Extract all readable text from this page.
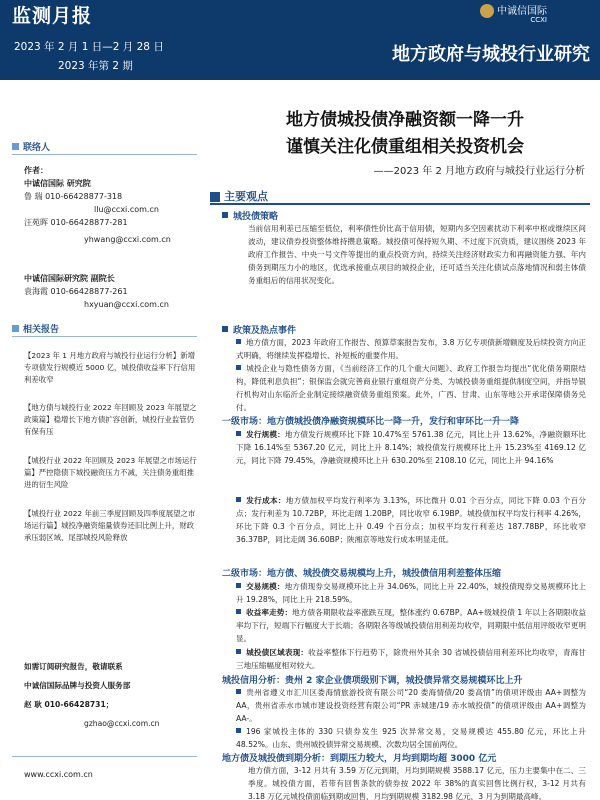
监测月报	中诚信国际
CCXI
2023 年 2 月 1 日—2 月 28 日
2023 年第 2 期
地方政府与城投行业研究
联络人
作者：
中诚信国际 研究院
鲁 瑞 010-66428877-318
llu@ccxi.com.cn
汪苑晖 010-66428877-281
yhwang@ccxi.com.cn
中诚信国际研究院 副院长
袁海霞 010-66428877-261
hxyuan@ccxi.com.cn
相关报告
【2023 年 1 月地方政府与城投行业运行分析】新增专项债发行规模近 5000 亿，城投债收益率下行信用利差收窄
【地方债与城投行业 2022 年回顾及 2023 年展望之政策篇】稳增长下地方债扩容创新，城投行业监管仍有保有压
【城投行业 2022 年回顾及 2023 年展望之市场运行篇】严控隐债下城投融资压力不减，关注债务重组推进的衍生风险
【城投行业 2022 年前三季度回顾及四季度展望之市场运行篇】城投净融资缩量债券还旧比例上升，财政承压弱区域、尾部城投风险释放
如需订阅研究报告，敬请联系
中诚信国际品牌与投资人服务部
赵 耿 010-66428731；
gzhao@ccxi.com.cn
www.ccxi.com.cn
地方债城投债净融资额一降一升
谨慎关注化债重组相关投资机会
——2023 年 2 月地方政府与城投行业运行分析
主要观点
城投债策略
当前信用利差已压缩至低位，利率债性价比高于信用债，短期内多空因素扰动下利率中枢或继续区间波动，建议债券投资整体维持攒息策略。城投债可保持短久期、不过度下沉资质，建议围绕 2023 年政府工作报告、中央一号文件等提出的重点投资方向，持续关注经济财政实力和再融资能力强、年内债务到期压力小的地区，优选承接重点项目的城投企业，还可适当关注化债试点落地情况和弱主体债务重组后的信用状况变化。
政策及热点事件
地方债方面，2023 年政府工作报告、预算草案报告发布，3.8 万亿专项债新增额度及后续投资方向正式明确，将继续发挥稳增长、补短板的重要作用。
城投企业与隐性债务方面，《当前经济工作的几个重大问题》、政府工作报告均提出“优化债务期限结构，降低利息负担”；银保监会就完善商业银行重组资产分类、为城投债务重组提供制度空间，并指导银行机构对山东临沂企业制定接续融资债务重组预案。此外，广西、甘肃、山东等地公开承诺保障债务兑付。
一级市场：地方债城投债净融资规模环比一降一升，发行和审环比一升一降
发行规模：地方债发行规模环比下降 10.47%至 5761.38 亿元，同比上升 13.62%，净融资额环比下降 16.14%至 5367.20 亿元，同比上升 8.14%；城投债发行规模环比上升 15.23%至 4169.12 亿元，同比下降 79.45%，净融资规模环比上升 630.20%至 2108.10 亿元，同比上升 94.16%
发行成本：地方债加权平均发行利率为 3.13%，环比微升 0.01 个百分点，同比下降 0.03 个百分点；发行利差为 10.72BP，环比走阔 1.20BP，同比收窄 6.19BP。城投债加权平均发行利率 4.26%，环比下降 0.3 个百分点，同比上升 0.49 个百分点；加权平均发行利差达 187.78BP，环比收窄 36.37BP，同比走阔 36.60BP；陕湘京等地发行成本明显走低。
二级市场：地方债、城投债交易规模均上升，城投债信用利差整体压缩
交易规模：地方债现券交易规模环比上升 34.06%，同比上升 22.40%，城投债现券交易规模环比上升 19.28%，同比上升 218.59%。
收益率走势：地方债各期限收益率涨跌互现，整体涨约 0.67BP。AA+级城投债 1 年以上各期限收益率均下行，短端下行幅度大于长端；各期限各等级城投债信用利差均收窄，同期限中低信用评级收窄更明显。
城投债区域表现：收益率整体下行趋势下，除贵州外其余 30 省城投债信用利差环比均收窄，青海甘三地压缩幅度相对较大。
城投信用分析：贵州 2 家企业债项级别下调，城投债异常交易规模环比上升
贵州省遵义市汇川区娄海情旅游投资有限公司“20 娄海情债/20 娄高情”的债项评级由 AA+调整为 AA，贵州省赤水市城市建设投资经营有限公司“PR 赤城建/19 赤水城投债”的债项评级由 AA+调整为 AA-。
196 家城投主体的 330 只债券发生 925 次异常交易，交易规模达 455.80 亿元，环比上升 48.52%。山东、贵州城投债异常交易规模、次数均居全国前两位。
地方债及城投债到期分析：到期压力较大，月均到期均超 3000 亿元
地方债方面，3-12 月共有 3.59 万亿元到期，月均到期规模 3588.17 亿元，压力主要集中在二、三季度。城投债方面，若带有回售条款的债券按 2022 年 38%的真实回售比例行权，3-12 月共有 3.18 万亿元城投债面临到期或回售，月均到期规模 3182.98 亿元，3 月为到期最高峰。
